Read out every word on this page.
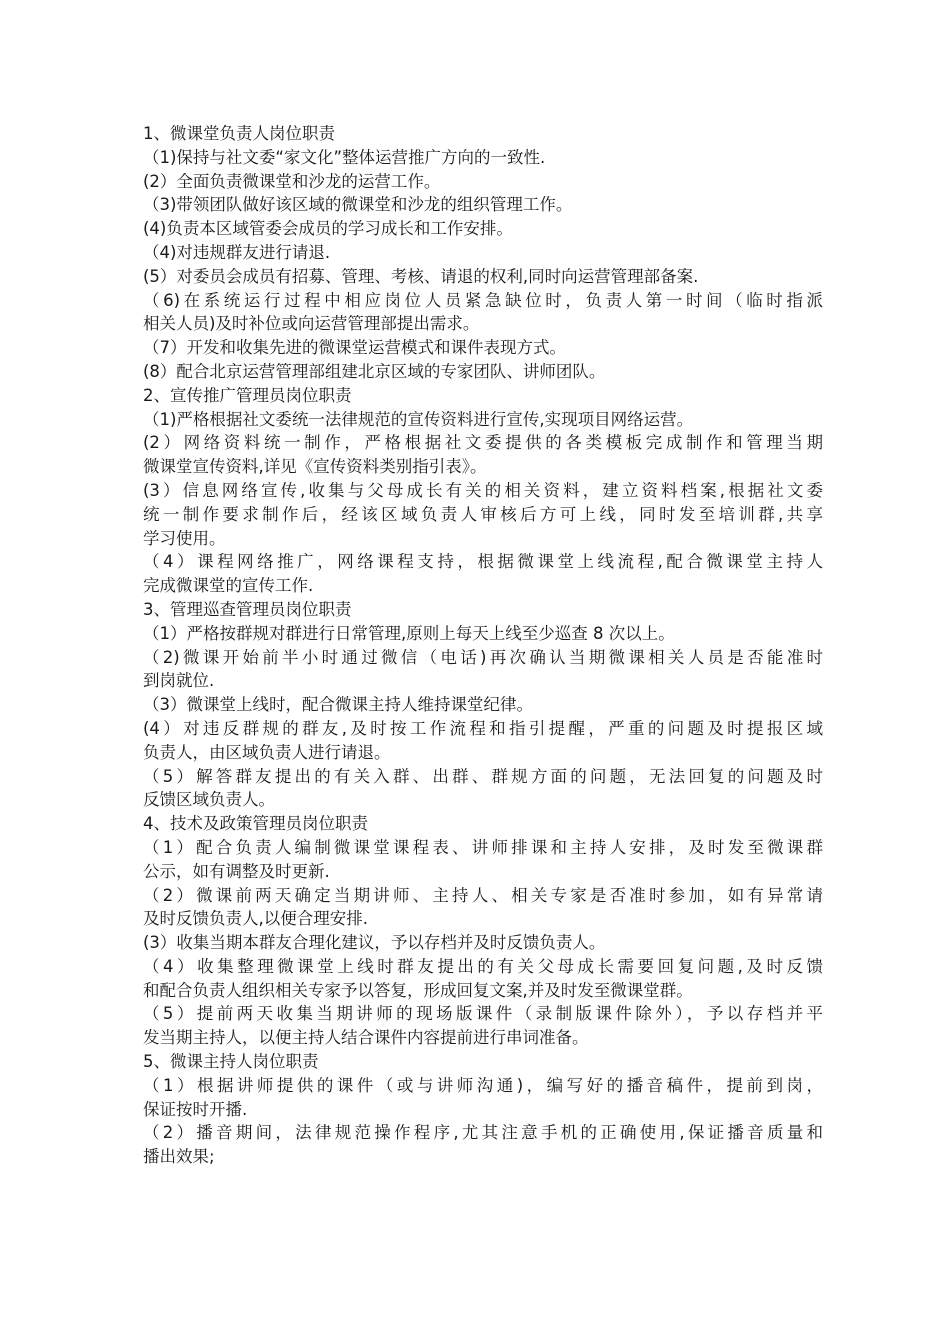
1、微课堂负责人岗位职责
（1)保持与社文委“家文化”整体运营推广方向的一致性.
(2）全面负责微课堂和沙龙的运营工作。
（3)带领团队做好该区域的微课堂和沙龙的组织管理工作。
(4)负责本区域管委会成员的学习成长和工作安排。
（4)对违规群友进行请退.
(5）对委员会成员有招募、管理、考核、请退的权利,同时向运营管理部备案.
（6)在系统运行过程中相应岗位人员紧急缺位时，负责人第一时间（临时指派
相关人员)及时补位或向运营管理部提出需求。
（7）开发和收集先进的微课堂运营模式和课件表现方式。
(8）配合北京运营管理部组建北京区域的专家团队、讲师团队。
2、宣传推广管理员岗位职责
（1)严格根据社文委统一法律规范的宣传资料进行宣传,实现项目网络运营。
(2）网络资料统一制作，严格根据社文委提供的各类模板完成制作和管理当期
微课堂宣传资料,详见《宣传资料类别指引表》。
(3）信息网络宣传,收集与父母成长有关的相关资料，建立资料档案,根据社文委
统一制作要求制作后，经该区域负责人审核后方可上线，同时发至培训群,共享
学习使用。
（4）课程网络推广，网络课程支持，根据微课堂上线流程,配合微课堂主持人
完成微课堂的宣传工作.
3、管理巡查管理员岗位职责
（1）严格按群规对群进行日常管理,原则上每天上线至少巡查 8 次以上。
（2)微课开始前半小时通过微信（电话)再次确认当期微课相关人员是否能准时
到岗就位.
（3）微课堂上线时，配合微课主持人维持课堂纪律。
(4）对违反群规的群友,及时按工作流程和指引提醒，严重的问题及时提报区域
负责人，由区域负责人进行请退。
（5）解答群友提出的有关入群、出群、群规方面的问题，无法回复的问题及时
反馈区域负责人。
4、技术及政策管理员岗位职责
（1）配合负责人编制微课堂课程表、讲师排课和主持人安排，及时发至微课群
公示，如有调整及时更新.
（2）微课前两天确定当期讲师、主持人、相关专家是否准时参加，如有异常请
及时反馈负责人,以便合理安排.
(3）收集当期本群友合理化建议，予以存档并及时反馈负责人。
（4）收集整理微课堂上线时群友提出的有关父母成长需要回复问题,及时反馈
和配合负责人组织相关专家予以答复，形成回复文案,并及时发至微课堂群。
（5）提前两天收集当期讲师的现场版课件（录制版课件除外），予以存档并平
发当期主持人，以便主持人结合课件内容提前进行串词准备。
5、微课主持人岗位职责
（1）根据讲师提供的课件（或与讲师沟通)，编写好的播音稿件，提前到岗，
保证按时开播.
（2）播音期间，法律规范操作程序,尤其注意手机的正确使用,保证播音质量和
播出效果;
